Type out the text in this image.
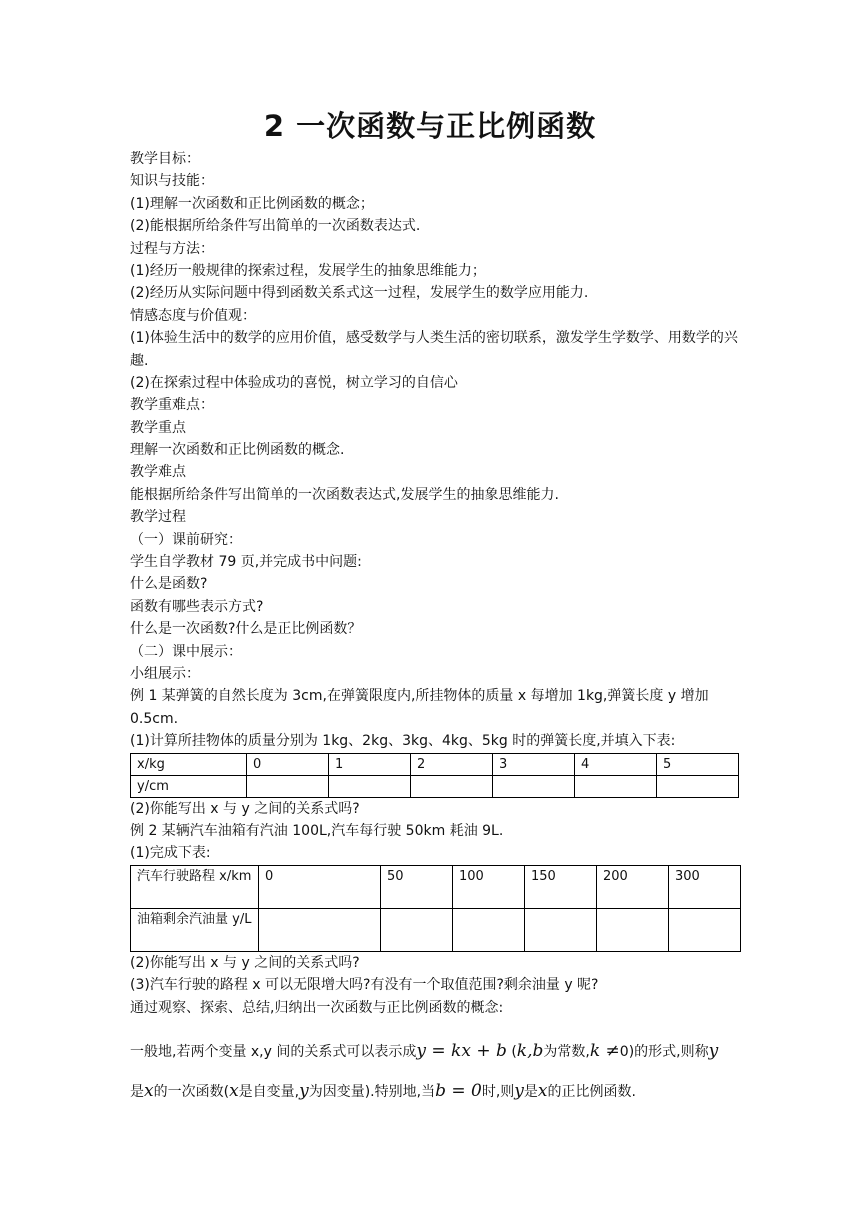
2 一次函数与正比例函数
教学目标：
知识与技能：
(1)理解一次函数和正比例函数的概念；
(2)能根据所给条件写出简单的一次函数表达式.
过程与方法：
(1)经历一般规律的探索过程，发展学生的抽象思维能力；
(2)经历从实际问题中得到函数关系式这一过程，发展学生的数学应用能力.
情感态度与价值观：
(1)体验生活中的数学的应用价值，感受数学与人类生活的密切联系，激发学生学数学、用数学的兴趣.
(2)在探索过程中体验成功的喜悦，树立学习的自信心
教学重难点：
教学重点
理解一次函数和正比例函数的概念.
教学难点
能根据所给条件写出简单的一次函数表达式,发展学生的抽象思维能力.
教学过程
（一）课前研究：
学生自学教材 79 页,并完成书中问题:
什么是函数?
函数有哪些表示方式?
什么是一次函数?什么是正比例函数？
（二）课中展示：
小组展示：
例 1 某弹簧的自然长度为 3cm,在弹簧限度内,所挂物体的质量 x 每增加 1kg,弹簧长度 y 增加 0.5cm.
(1)计算所挂物体的质量分别为 1kg、2kg、3kg、4kg、5kg 时的弹簧长度,并填入下表:
x/kg	0	1	2	3	4	5
y/cm						
(2)你能写出 x 与 y 之间的关系式吗?
例 2 某辆汽车油箱有汽油 100L,汽车每行驶 50km 耗油 9L.
(1)完成下表:
汽车行驶路程 x/km	0	50	100	150	200	300
油箱剩余汽油量 y/L						
(2)你能写出 x 与 y 之间的关系式吗?
(3)汽车行驶的路程 x 可以无限增大吗?有没有一个取值范围?剩余油量 y 呢?
通过观察、探索、总结,归纳出一次函数与正比例函数的概念:
一般地,若两个变量 x,y 间的关系式可以表示成y = kx + b (k,b为常数,k ≠0)的形式,则称y
是x的一次函数(x是自变量,y为因变量).特别地,当b = 0时,则y是x的正比例函数.
